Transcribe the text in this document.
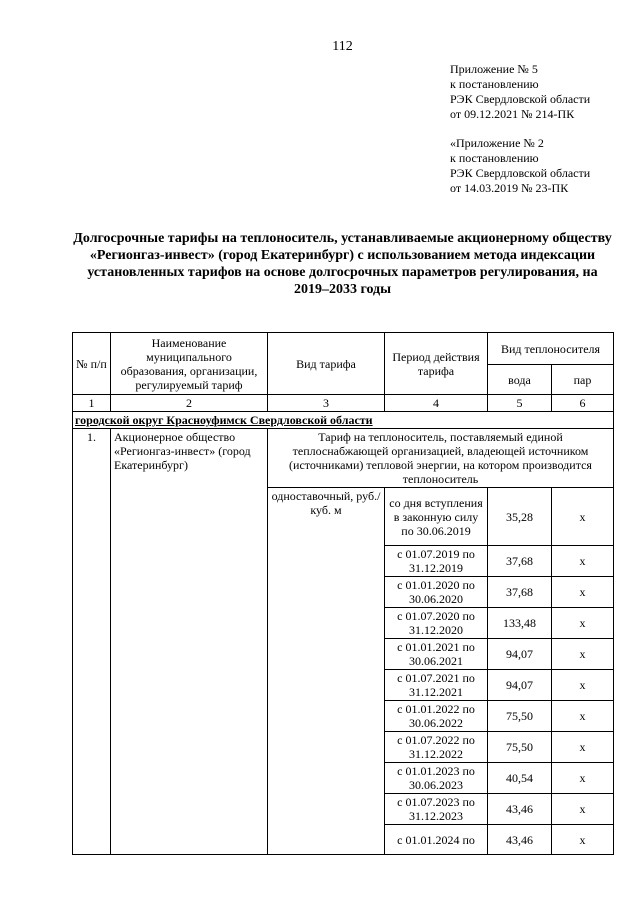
112
Приложение № 5
к постановлению
РЭК Свердловской области
от 09.12.2021 № 214-ПК
«Приложение № 2
к постановлению
РЭК Свердловской области
от 14.03.2019 № 23-ПК
Долгосрочные тарифы на теплоноситель, устанавливаемые акционерному обществу «Регионгаз-инвест» (город Екатеринбург) с использованием метода индексации установленных тарифов на основе долгосрочных параметров регулирования, на 2019–2033 годы
№ п/п	Наименование муниципального образования, организации, регулируемый тариф	Вид тарифа	Период действия тарифа	Вид теплоносителя	
				вода	пар
1	2	3	4	5	6
городской округ Красноуфимск Свердловской области					
1.	Акционерное общество «Регионгаз-инвест» (город Екатеринбург)	Тариф на теплоноситель, поставляемый единой теплоснабжающей организацией, владеющей источником (источниками) тепловой энергии, на котором производится теплоноситель			
		одноставочный, руб./куб. м	со дня вступления в законную силу по 30.06.2019	35,28	х
			с 01.07.2019 по 31.12.2019	37,68	х
			с 01.01.2020 по 30.06.2020	37,68	х
			с 01.07.2020 по 31.12.2020	133,48	х
			с 01.01.2021 по 30.06.2021	94,07	х
			с 01.07.2021 по 31.12.2021	94,07	х
			с 01.01.2022 по 30.06.2022	75,50	х
			с 01.07.2022 по 31.12.2022	75,50	х
			с 01.01.2023 по 30.06.2023	40,54	х
			с 01.07.2023 по 31.12.2023	43,46	х
			с 01.01.2024 по	43,46	х
